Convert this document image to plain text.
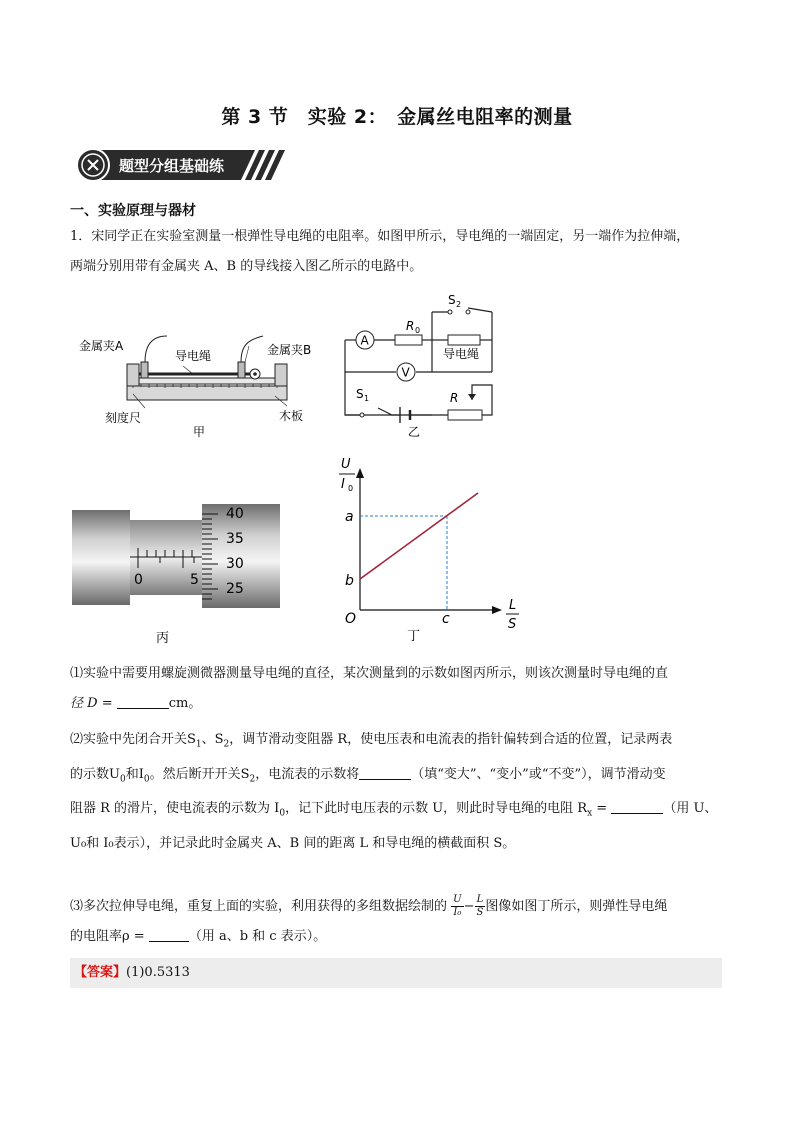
第 3 节　实验 2：　金属丝电阻率的测量
题型分组基础练
一、实验原理与器材
1．宋同学正在实验室测量一根弹性导电绳的电阻率。如图甲所示，导电绳的一端固定，另一端作为拉伸端，
两端分别用带有金属夹 A、B 的导线接入图乙所示的电路中。
金属夹A
导电绳	金属夹B
刻度尺	木板
甲
A
V
R 0
S 2
导电绳
S 1	R
乙
40
35
30
25
0	5
丙
U
I 0
a
b
O	c
L
S
丁
⑴实验中需要用螺旋测微器测量导电绳的直径，某次测量到的示数如图丙所示，则该次测量时导电绳的直
径 D =	cm。
⑵实验中先闭合开关$S_1$、$S_2$，调节滑动变阻器 R，使电压表和电流表的指针偏转到合适的位置，记录两表
的示数$U_0$和$I_0$。然后断开开关$S_2$，电流表的示数将	（填“变大”、“变小”或“不变”），调节滑动变
阻器 R 的滑片，使电流表的示数为 $I_0$，记下此时电压表的示数 U，则此时导电绳的电阻 $R_x$ =	（用 U、
U₀和 I₀表示），并记录此时金属夹 A、B 间的距离 L 和导电绳的横截面积 S。
⑶多次拉伸导电绳，重复上面的实验，利用获得的多组数据绘制的 $\frac{U}{\text{I₀}} - \frac{L}{S}$ 图像如图丁所示，则弹性导电绳
的电阻率ρ =	（用 a、b 和 c 表示）。
【答案】(1)0.5313
